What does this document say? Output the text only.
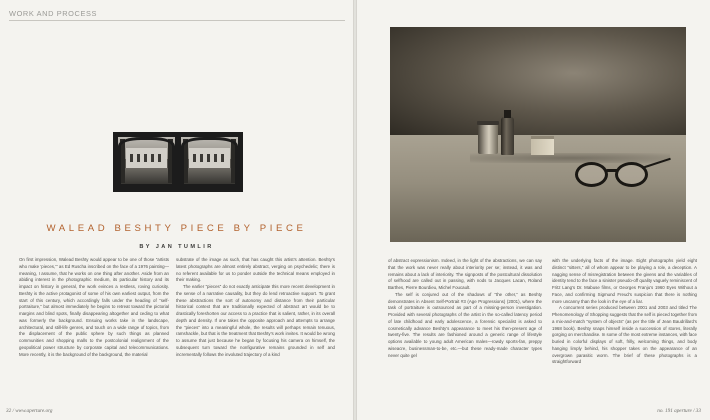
WORK AND PROCESS
WALEAD BESHTY PIECE BY PIECE
BY JAN TUMLIR

On first impression, Walead Beshty would appear to be one of those “artists who make ‘pieces,’” as Ed Ruscha inscribed on the face of a 1976 painting—meaning, I assume, that he works on one thing after another. Aside from an abiding interest in the photographic medium, its particular history and its impact on history in general, the work evinces a restless, roving curiosity. Beshty is the active protagonist of some of his own earliest output, from the start of this century, which accordingly falls under the heading of “self-portraiture,” but almost immediately he begins to retreat toward the pictorial margins and blind spots, finally disappearing altogether and ceding to what was formerly the background. Ensuing works take in the landscape, architectural, and still-life genres, and touch on a wide range of topics, from the displacement of the public sphere by such things as planned communities and shopping malls to the postcolonial realignment of the geopolitical power structure by corporate capital and telecommunications. More recently, it is the background of the background, the material

substrate of the image as such, that has caught this artist’s attention. Beshty’s latest photographs are almost entirely abstract, verging on psychedelic; there is no referent available for us to ponder outside the technical means employed in their making.

The earlier “pieces” do not exactly anticipate this more recent development in the sense of a narrative causality, but they do lend retroactive support. To grant these abstractions the sort of autonomy and distance from their particular historical context that are traditionally expected of abstract art would be to drastically foreshorten our access to a practice that is salient, rather, in its overall depth and density. If one takes the opposite approach and attempts to arrange the “pieces” into a meaningful whole, the results will perhaps remain tenuous, ramshackle, but that is the treatment that Beshty’s work invites. It would be wrong to assume that just because he began by focusing his camera on himself, the subsequent turn toward the nonfigurative remains grounded in self and incrementally follows the involuted trajectory of a kind

32 / www.aperture.org

of abstract expressionism. Indeed, in the light of the abstractions, we can say that the work was never really about interiority per se; instead, it was and remains about a lack of interiority. The signposts of the postcultural dissolution of selfhood are called out in passing, with nods to Jacques Lacan, Roland Barthes, Pierre Bourdieu, Michel Foucault.

The self is conjured out of the shadows of “the other,” as Beshty demonstrates in Absent Self-Portrait #3 (Age Progressions) (2001), where the task of portraiture is outsourced as part of a missing-person investigation. Provided with several photographs of the artist in the so-called latency period of late childhood and early adolescence, a forensic specialist is asked to cosmetically advance Beshty’s appearance to meet his then-present age of twenty-five. The results are fashioned around a generic range of lifestyle options available to young adult American males—rowdy sports-fan, preppy wiseacre, businessman-to-be, etc.—but these ready-made character types never quite gel

with the underlying facts of the image. Eight photographs yield eight distinct “sitters,” all of whom appear to be playing a role, a deception. A nagging sense of misregistration between the givens and the variables of identity tend to the face a sinister pseudo-off quality vaguely reminiscent of Fritz Lang’s Dr. Mabuse films, or Georges Franju’s 1960 Eyes Without a Face, and confirming Sigmund Freud’s suspicion that there is nothing more uncanny than the look in the eye of a liar.

A concurrent series produced between 2001 and 2003 and titled The Phenomenology of Shopping suggests that the self is pieced together from a mix-and-match “system of objects” (as per the title of Jean Baudrillard’s 1968 book). Beshty snaps himself inside a succession of stores, literally gorging on merchandise. In some of the most extreme instances, with face buried in colorful displays of soft, frilly, welcoming things, and body hanging limply behind, his shopper takes on the appearance of an overgrown parasitic worm. The brief of these photographs is a straightforward

no. 191 aperture / 33
